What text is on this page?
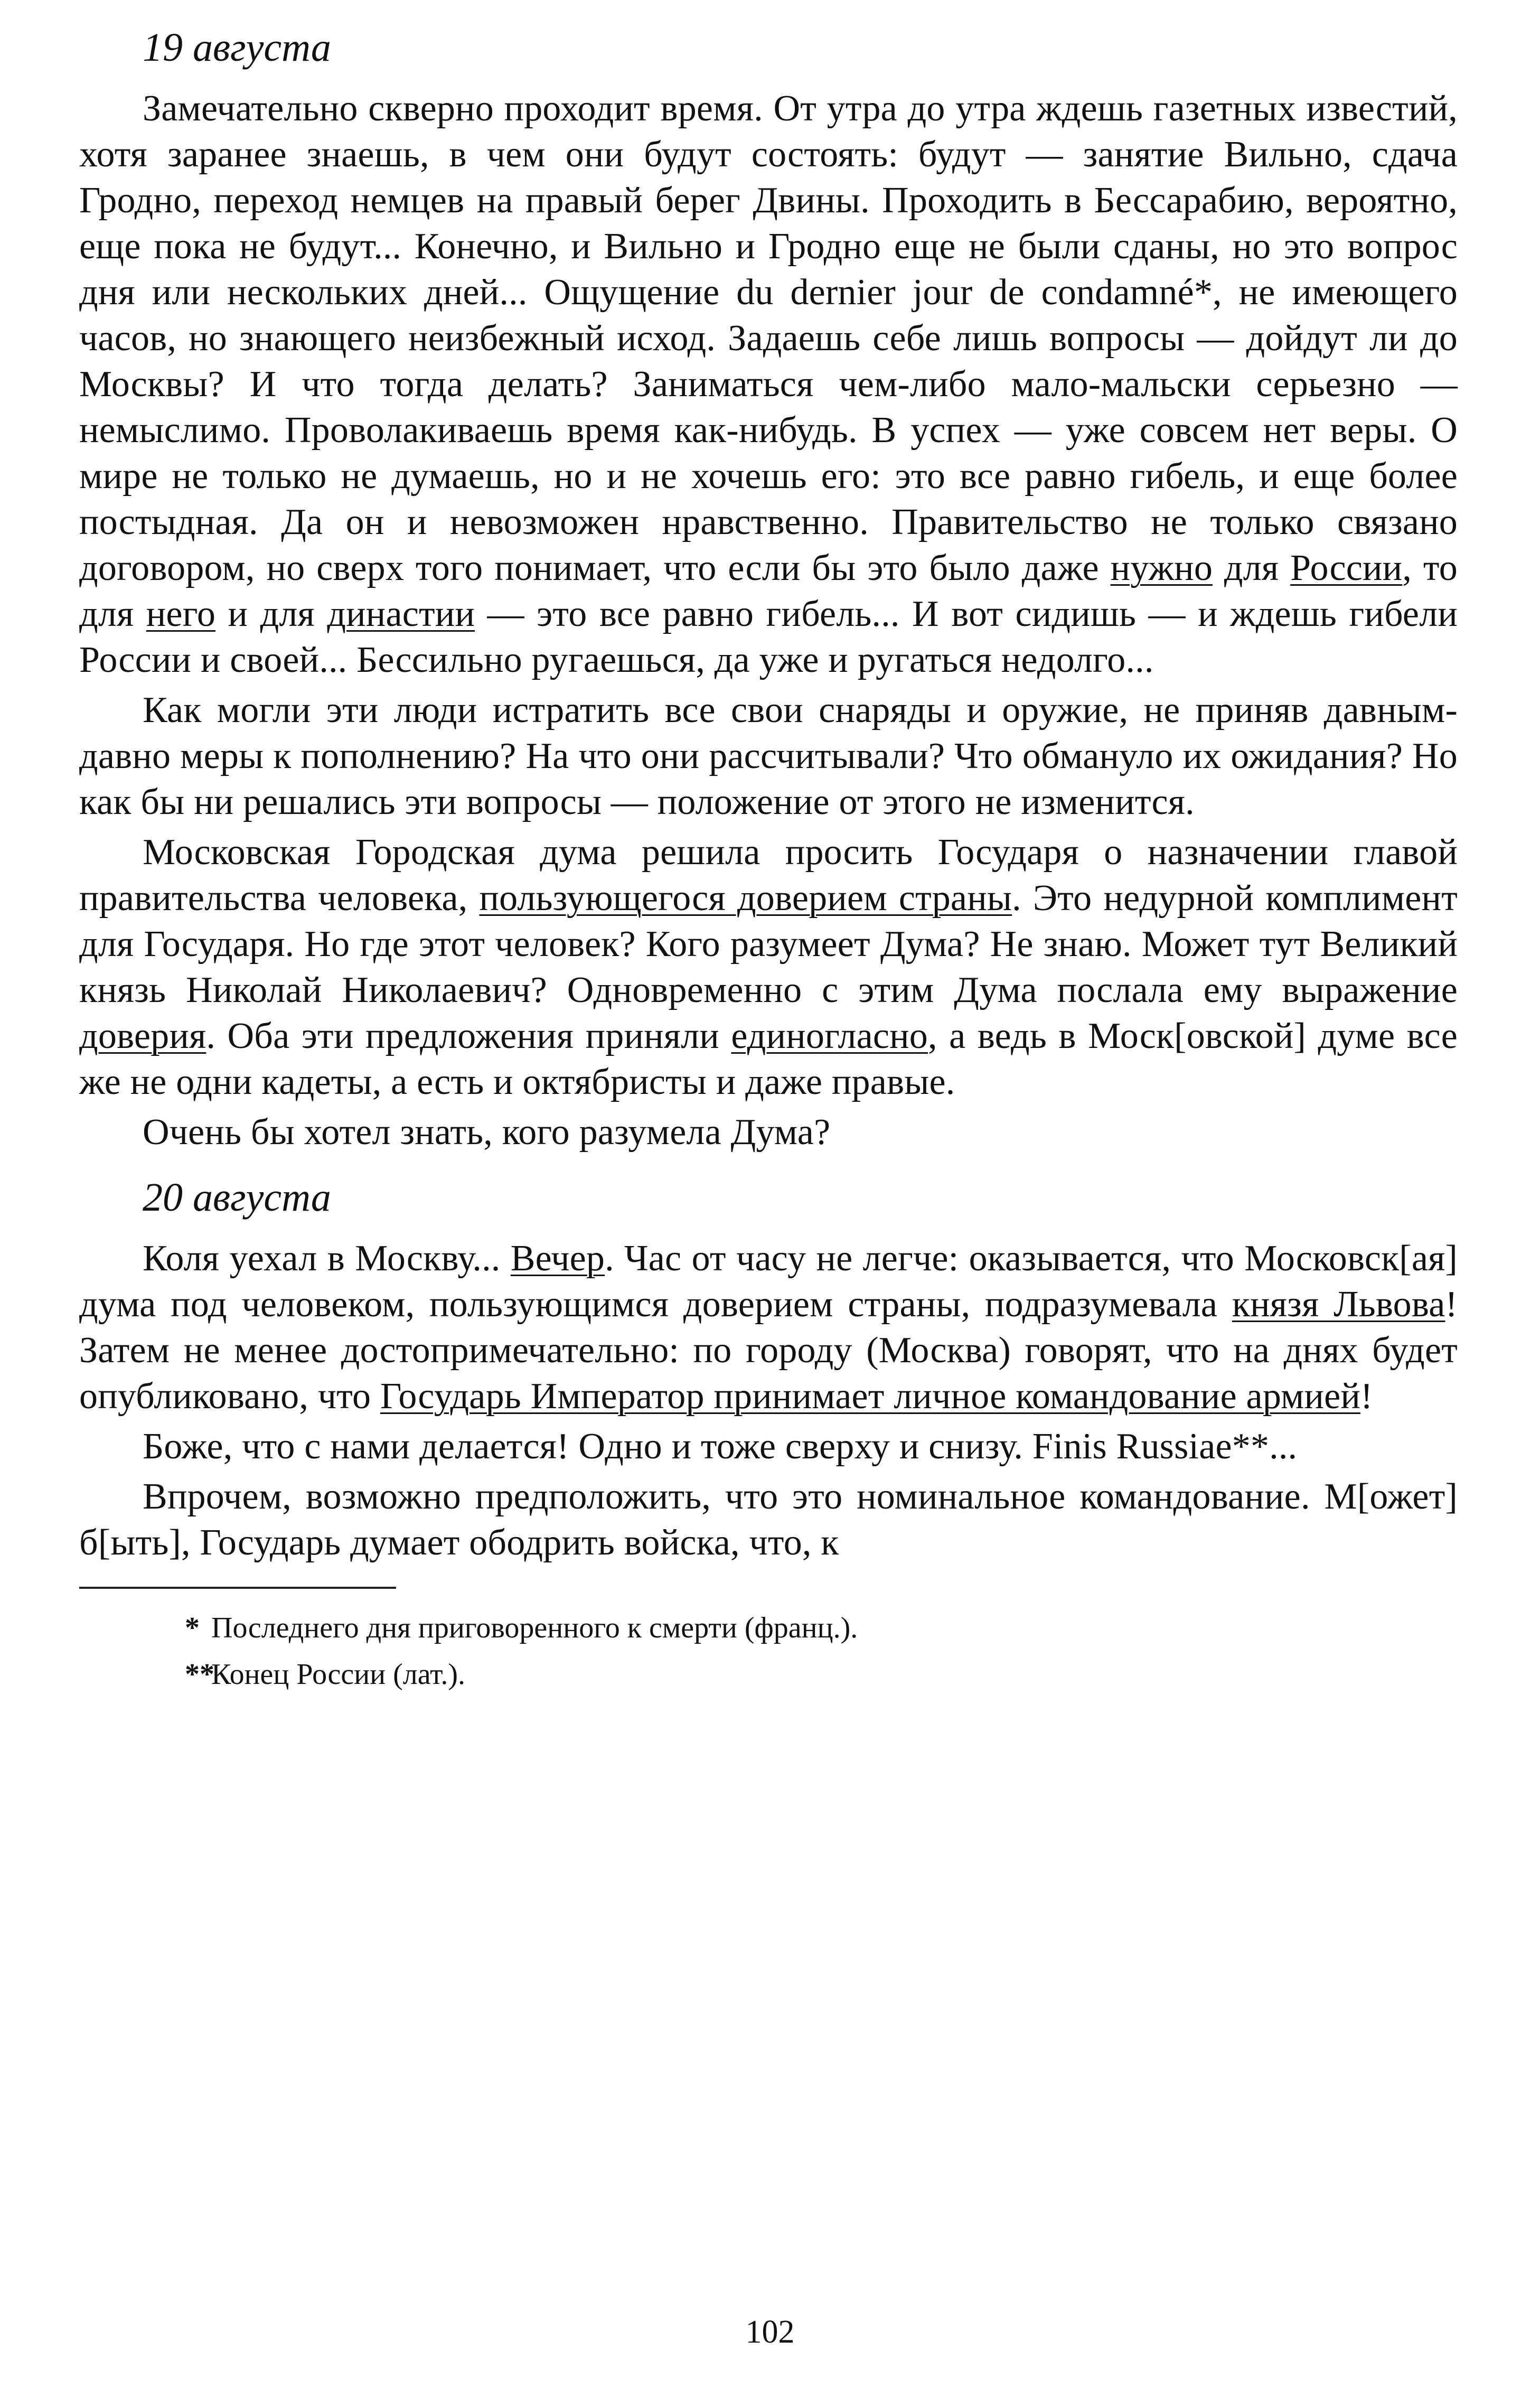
19 августа

Замечательно скверно проходит время. От утра до утра ждешь газетных известий, хотя заранее знаешь, в чем они будут состоять: будут — занятие Вильно, сдача Гродно, переход немцев на правый берег Двины. Проходить в Бессарабию, вероятно, еще пока не будут... Конечно, и Вильно и Гродно еще не были сданы, но это вопрос дня или нескольких дней... Ощущение du dernier jour de condamné*, не имеющего часов, но знающего неизбежный исход. Задаешь себе лишь вопросы — дойдут ли до Москвы? И что тогда делать? Заниматься чем-либо мало-мальски серьезно — немыслимо. Проволакиваешь время как-нибудь. В успех — уже совсем нет веры. О мире не только не думаешь, но и не хочешь его: это все равно гибель, и еще более постыдная. Да он и невозможен нравственно. Правительство не только связано договором, но сверх того понимает, что если бы это было даже нужно для России, то для него и для династии — это все равно гибель... И вот сидишь — и ждешь гибели России и своей... Бессильно ругаешься, да уже и ругаться недолго...

Как могли эти люди истратить все свои снаряды и оружие, не приняв давным-давно меры к пополнению? На что они рассчитывали? Что обмануло их ожидания? Но как бы ни решались эти вопросы — положение от этого не изменится.

Московская Городская дума решила просить Государя о назначении главой правительства человека, пользующегося доверием страны. Это недурной комплимент для Государя. Но где этот человек? Кого разумеет Дума? Не знаю. Может тут Великий князь Николай Николаевич? Одновременно с этим Дума послала ему выражение доверия. Оба эти предложения приняли единогласно, а ведь в Моск[овской] думе все же не одни кадеты, а есть и октябристы и даже правые.

Очень бы хотел знать, кого разумела Дума?

20 августа

Коля уехал в Москву... Вечер. Час от часу не легче: оказывается, что Московск[ая] дума под человеком, пользующимся доверием страны, подразумевала князя Львова! Затем не менее достопримечательно: по городу (Москва) говорят, что на днях будет опубликовано, что Государь Император принимает личное командование армией!

Боже, что с нами делается! Одно и тоже сверху и снизу. Finis Russiae**...

Впрочем, возможно предположить, что это номинальное командование. М[ожет] б[ыть], Государь думает ободрить войска, что, к

* Последнего дня приговоренного к смерти (франц.).
**Конец России (лат.).
102
